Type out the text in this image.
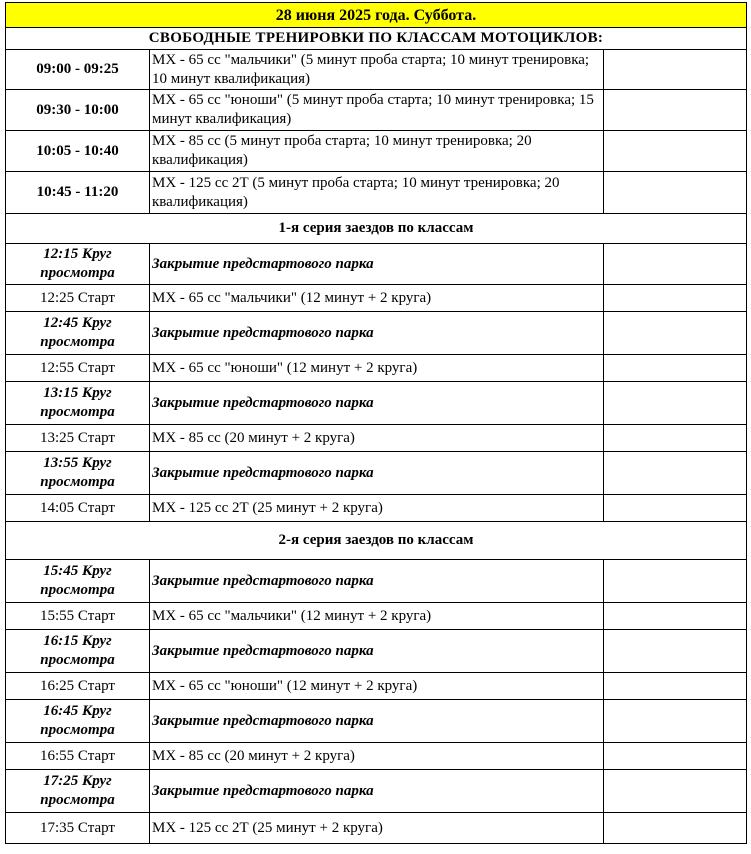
28 июня 2025 года. Суббота.		
СВОБОДНЫЕ ТРЕНИРОВКИ ПО КЛАССАМ МОТОЦИКЛОВ:		
09:00 - 09:25	МХ - 65 сс "мальчики" (5 минут проба старта; 10 минут тренировка; 10 минут квалификация)	
09:30 - 10:00	МХ - 65 сс "юноши" (5 минут проба старта; 10 минут тренировка; 15 минут квалификация)	
10:05 - 10:40	МХ - 85 сс (5 минут проба старта; 10 минут тренировка; 20 квалификация)	
10:45 - 11:20	МХ - 125 сс 2Т (5 минут проба старта; 10 минут тренировка; 20 квалификация)	
1-я серия заездов по классам		
12:15 Круг просмотра	Закрытие предстартового парка	
12:25 Старт	МХ - 65 сс "мальчики" (12 минут + 2 круга)	
12:45 Круг просмотра	Закрытие предстартового парка	
12:55 Старт	МХ - 65 сс "юноши" (12 минут + 2 круга)	
13:15 Круг просмотра	Закрытие предстартового парка	
13:25 Старт	МХ - 85 сс (20 минут + 2 круга)	
13:55 Круг просмотра	Закрытие предстартового парка	
14:05 Старт	МХ - 125 сс 2Т (25 минут + 2 круга)	
2-я серия заездов по классам		
15:45 Круг просмотра	Закрытие предстартового парка	
15:55 Старт	МХ - 65 сс "мальчики" (12 минут + 2 круга)	
16:15 Круг просмотра	Закрытие предстартового парка	
16:25 Старт	МХ - 65 сс "юноши" (12 минут + 2 круга)	
16:45 Круг просмотра	Закрытие предстартового парка	
16:55 Старт	МХ - 85 сс (20 минут + 2 круга)	
17:25 Круг просмотра	Закрытие предстартового парка	
17:35 Старт	МХ - 125 сс 2Т (25 минут + 2 круга)	
